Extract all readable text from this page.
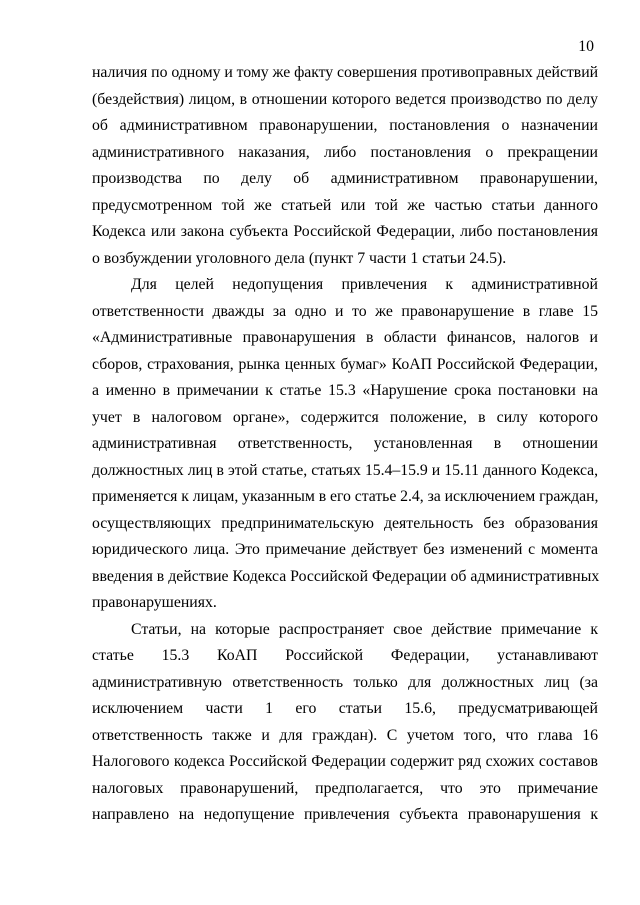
10
наличия по одному и тому же факту совершения противоправных действий
(бездействия) лицом, в отношении которого ведется производство по делу
об административном правонарушении, постановления о назначении
административного наказания, либо постановления о прекращении
производства по делу об административном правонарушении,
предусмотренном той же статьей или той же частью статьи данного
Кодекса или закона субъекта Российской Федерации, либо постановления
о возбуждении уголовного дела (пункт 7 части 1 статьи 24.5).
Для целей недопущения привлечения к административной
ответственности дважды за одно и то же правонарушение в главе 15
«Административные правонарушения в области финансов, налогов и
сборов, страхования, рынка ценных бумаг» КоАП Российской Федерации,
а именно в примечании к статье 15.3 «Нарушение срока постановки на
учет в налоговом органе», содержится положение, в силу которого
административная ответственность, установленная в отношении
должностных лиц в этой статье, статьях 15.4–15.9 и 15.11 данного Кодекса,
применяется к лицам, указанным в его статье 2.4, за исключением граждан,
осуществляющих предпринимательскую деятельность без образования
юридического лица. Это примечание действует без изменений с момента
введения в действие Кодекса Российской Федерации об административных
правонарушениях.
Статьи, на которые распространяет свое действие примечание к
статье 15.3 КоАП Российской Федерации, устанавливают
административную ответственность только для должностных лиц (за
исключением части 1 его статьи 15.6, предусматривающей
ответственность также и для граждан). С учетом того, что глава 16
Налогового кодекса Российской Федерации содержит ряд схожих составов
налоговых правонарушений, предполагается, что это примечание
направлено на недопущение привлечения субъекта правонарушения к
